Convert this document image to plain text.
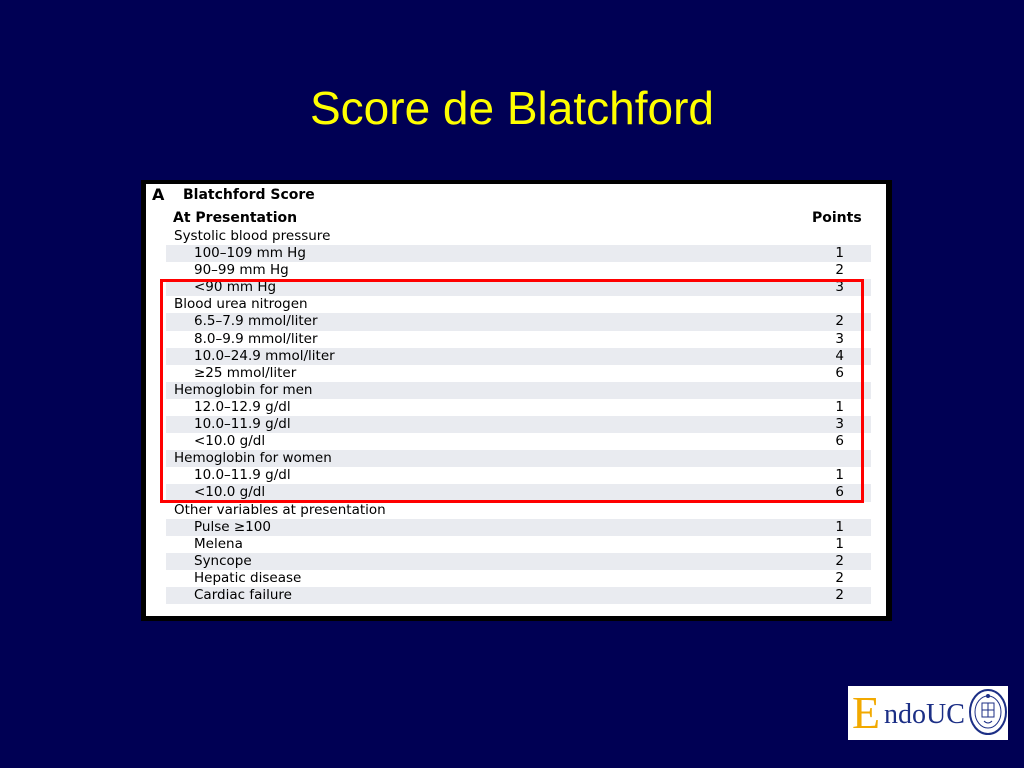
Score de Blatchford
A Blatchford Score
At Presentation	Points
Systolic blood pressure
100–109 mm Hg	1
90–99 mm Hg	2
<90 mm Hg	3
Blood urea nitrogen
6.5–7.9 mmol/liter	2
8.0–9.9 mmol/liter	3
10.0–24.9 mmol/liter	4
≥25 mmol/liter	6
Hemoglobin for men
12.0–12.9 g/dl	1
10.0–11.9 g/dl	3
<10.0 g/dl	6
Hemoglobin for women
10.0–11.9 g/dl	1
<10.0 g/dl	6
Other variables at presentation
Pulse ≥100	1
Melena	1
Syncope	2
Hepatic disease	2
Cardiac failure	2
E ndoUC
